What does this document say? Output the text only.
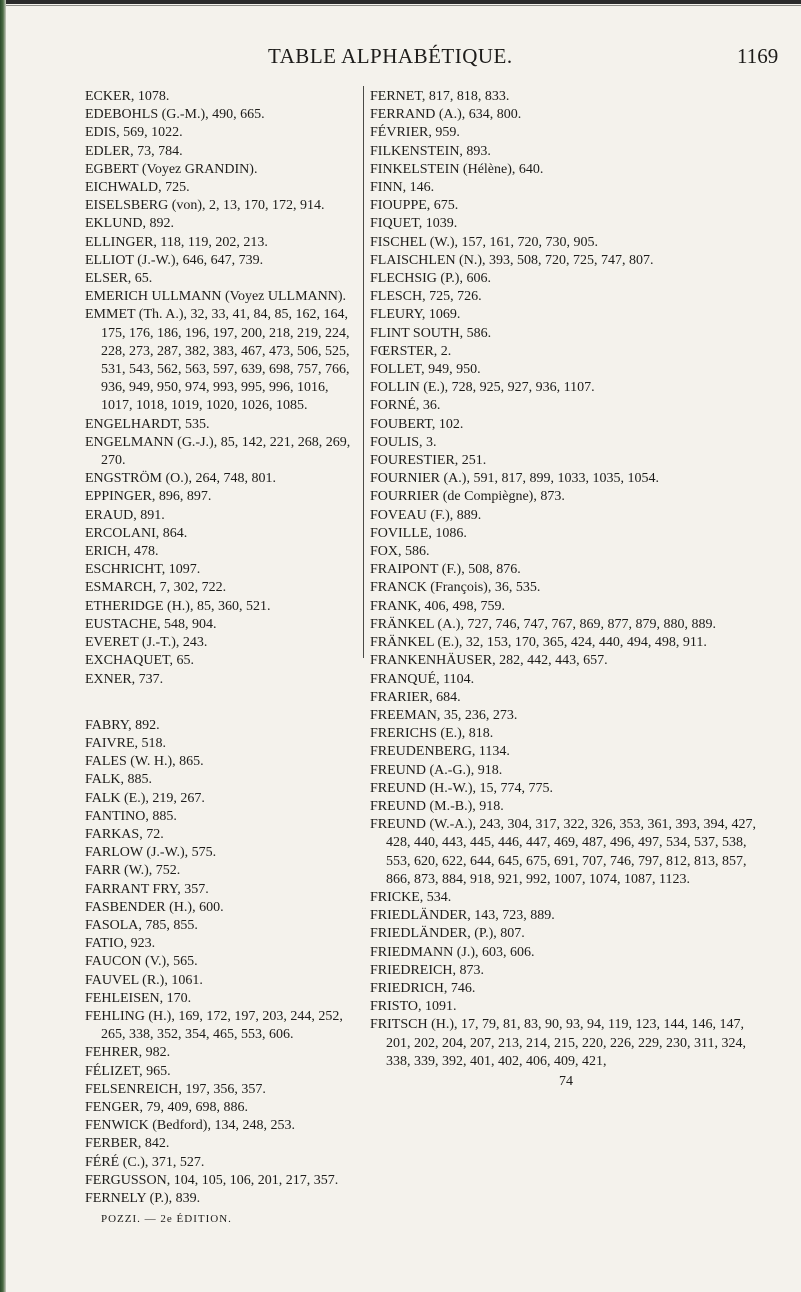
TABLE ALPHABÉTIQUE.	1169

ECKER, 1078.

EDEBOHLS (G.-M.), 490, 665.

EDIS, 569, 1022.

EDLER, 73, 784.

EGBERT (Voyez GRANDIN).

EICHWALD, 725.

EISELSBERG (von), 2, 13, 170, 172, 914.

EKLUND, 892.

ELLINGER, 118, 119, 202, 213.

ELLIOT (J.-W.), 646, 647, 739.

ELSER, 65.

EMERICH ULLMANN (Voyez ULLMANN).

EMMET (Th. A.), 32, 33, 41, 84, 85, 162, 164, 175, 176, 186, 196, 197, 200, 218, 219, 224, 228, 273, 287, 382, 383, 467, 473, 506, 525, 531, 543, 562, 563, 597, 639, 698, 757, 766, 936, 949, 950, 974, 993, 995, 996, 1016, 1017, 1018, 1019, 1020, 1026, 1085.

ENGELHARDT, 535.

ENGELMANN (G.-J.), 85, 142, 221, 268, 269, 270.

ENGSTRÖM (O.), 264, 748, 801.

EPPINGER, 896, 897.

ERAUD, 891.

ERCOLANI, 864.

ERICH, 478.

ESCHRICHT, 1097.

ESMARCH, 7, 302, 722.

ETHERIDGE (H.), 85, 360, 521.

EUSTACHE, 548, 904.

EVERET (J.-T.), 243.

EXCHAQUET, 65.

EXNER, 737.

FABRY, 892.

FAIVRE, 518.

FALES (W. H.), 865.

FALK, 885.

FALK (E.), 219, 267.

FANTINO, 885.

FARKAS, 72.

FARLOW (J.-W.), 575.

FARR (W.), 752.

FARRANT FRY, 357.

FASBENDER (H.), 600.

FASOLA, 785, 855.

FATIO, 923.

FAUCON (V.), 565.

FAUVEL (R.), 1061.

FEHLEISEN, 170.

FEHLING (H.), 169, 172, 197, 203, 244, 252, 265, 338, 352, 354, 465, 553, 606.

FEHRER, 982.

FÉLIZET, 965.

FELSENREICH, 197, 356, 357.

FENGER, 79, 409, 698, 886.

FENWICK (Bedford), 134, 248, 253.

FERBER, 842.

FÉRÉ (C.), 371, 527.

FERGUSSON, 104, 105, 106, 201, 217, 357.

FERNELY (P.), 839.

POZZI. — 2e ÉDITION.

FERNET, 817, 818, 833.

FERRAND (A.), 634, 800.

FÉVRIER, 959.

FILKENSTEIN, 893.

FINKELSTEIN (Hélène), 640.

FINN, 146.

FIOUPPE, 675.

FIQUET, 1039.

FISCHEL (W.), 157, 161, 720, 730, 905.

FLAISCHLEN (N.), 393, 508, 720, 725, 747, 807.

FLECHSIG (P.), 606.

FLESCH, 725, 726.

FLEURY, 1069.

FLINT SOUTH, 586.

FŒRSTER, 2.

FOLLET, 949, 950.

FOLLIN (E.), 728, 925, 927, 936, 1107.

FORNÉ, 36.

FOUBERT, 102.

FOULIS, 3.

FOURESTIER, 251.

FOURNIER (A.), 591, 817, 899, 1033, 1035, 1054.

FOURRIER (de Compiègne), 873.

FOVEAU (F.), 889.

FOVILLE, 1086.

FOX, 586.

FRAIPONT (F.), 508, 876.

FRANCK (François), 36, 535.

FRANK, 406, 498, 759.

FRÄNKEL (A.), 727, 746, 747, 767, 869, 877, 879, 880, 889.

FRÄNKEL (E.), 32, 153, 170, 365, 424, 440, 494, 498, 911.

FRANKENHÄUSER, 282, 442, 443, 657.

FRANQUÉ, 1104.

FRARIER, 684.

FREEMAN, 35, 236, 273.

FRERICHS (E.), 818.

FREUDENBERG, 1134.

FREUND (A.-G.), 918.

FREUND (H.-W.), 15, 774, 775.

FREUND (M.-B.), 918.

FREUND (W.-A.), 243, 304, 317, 322, 326, 353, 361, 393, 394, 427, 428, 440, 443, 445, 446, 447, 469, 487, 496, 497, 534, 537, 538, 553, 620, 622, 644, 645, 675, 691, 707, 746, 797, 812, 813, 857, 866, 873, 884, 918, 921, 992, 1007, 1074, 1087, 1123.

FRICKE, 534.

FRIEDLÄNDER, 143, 723, 889.

FRIEDLÄNDER, (P.), 807.

FRIEDMANN (J.), 603, 606.

FRIEDREICH, 873.

FRIEDRICH, 746.

FRISTO, 1091.

FRITSCH (H.), 17, 79, 81, 83, 90, 93, 94, 119, 123, 144, 146, 147, 201, 202, 204, 207, 213, 214, 215, 220, 226, 229, 230, 311, 324, 338, 339, 392, 401, 402, 406, 409, 421,

74
